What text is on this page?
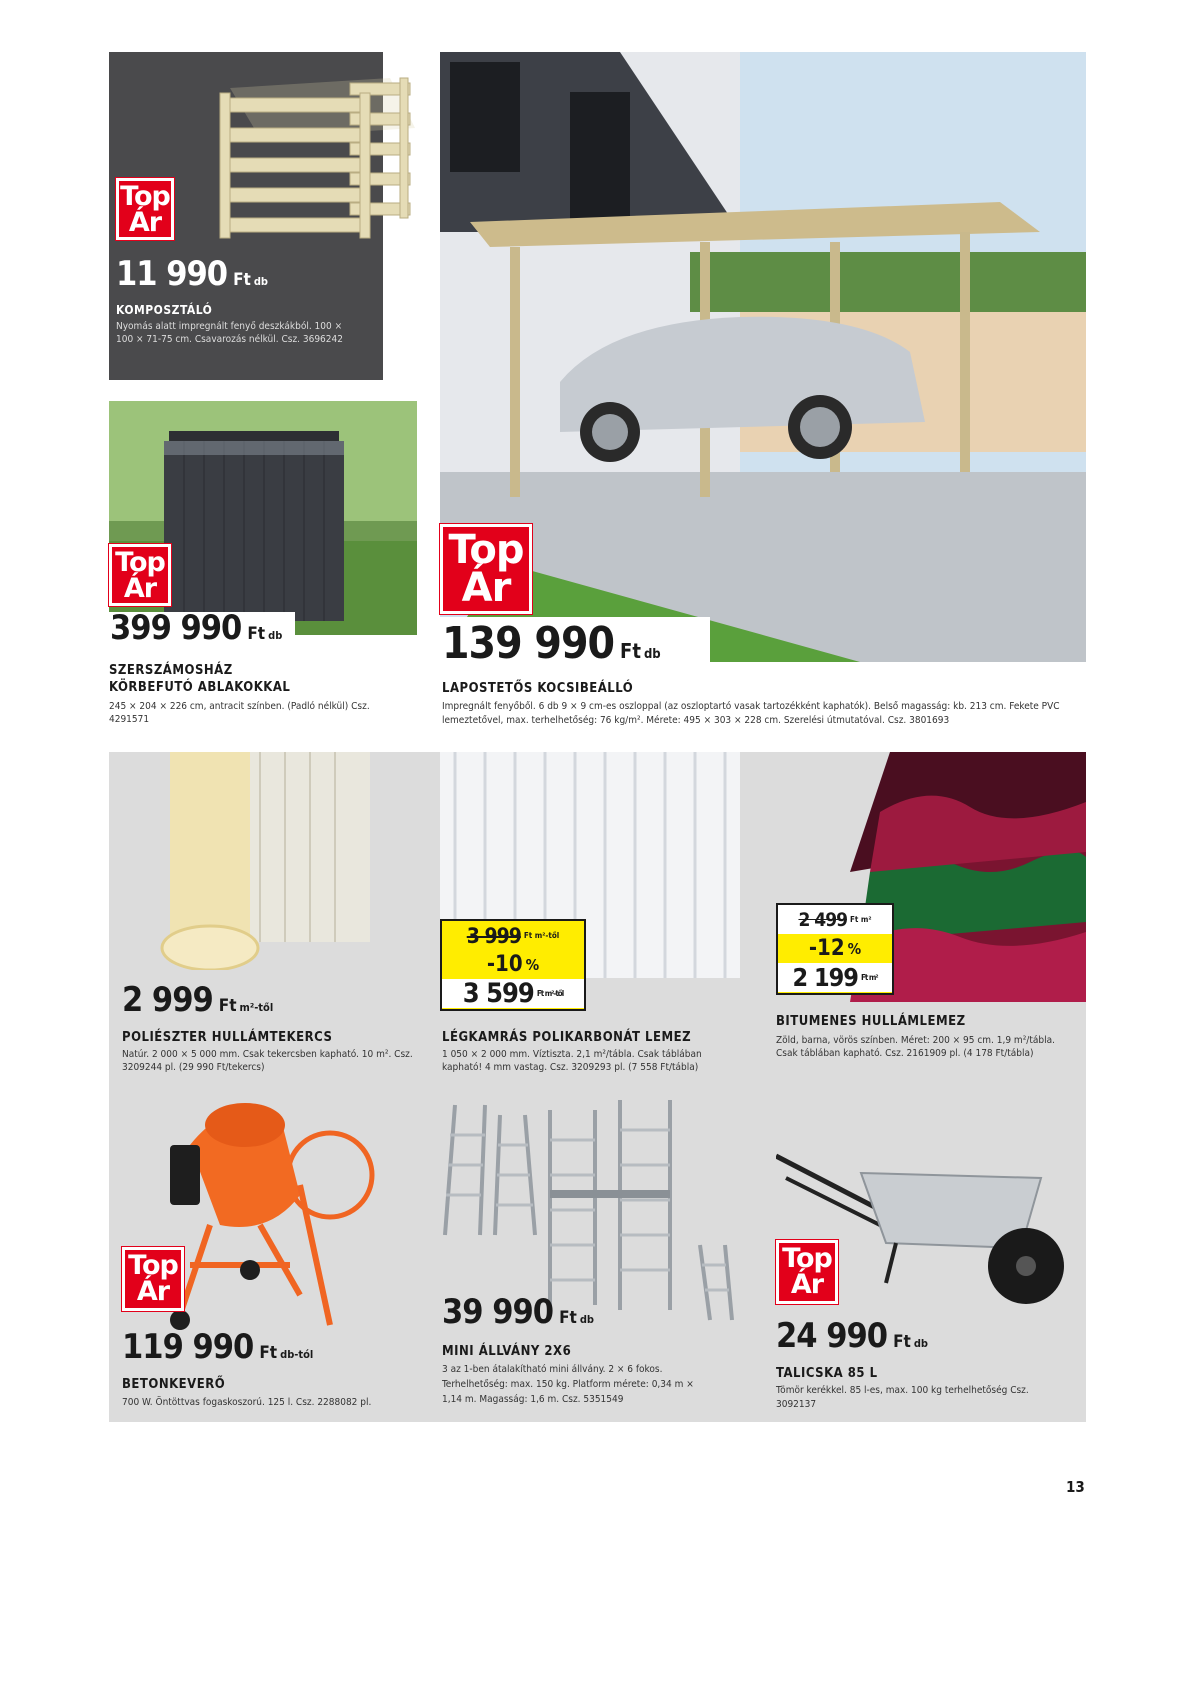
Top
Ár
11 990 Ft db
KOMPOSZTÁLÓ
Nyomás alatt impregnált fenyő deszkákból. 100 × 100 × 71-75 cm. Csavarozás nélkül. Csz. 3696242
Top
Ár
399 990 Ft db
SZERSZÁMOSHÁZ
KÖRBEFUTÓ ABLAKOKKAL
245 × 204 × 226 cm, antracit színben. (Padló nélkül) Csz. 4291571
Top
Ár
139 990 Ft db
LAPOSTETŐS KOCSIBEÁLLÓ
Impregnált fenyőből. 6 db 9 × 9 cm-es oszloppal (az oszloptartó vasak tartozékként kaphatók). Belső magasság: kb. 213 cm. Fekete PVC lemeztetővel, max. terhelhetőség: 76 kg/m². Mérete: 495 × 303 × 228 cm. Szerelési útmutatóval. Csz. 3801693
2 999 Ft m²-től
POLIÉSZTER HULLÁMTEKERCS
Natúr. 2 000 × 5 000 mm. Csak tekercsben kapható. 10 m². Csz. 3209244 pl. (29 990 Ft/tekercs)
3 999 Ft m²-től
-10 %
3 599 Ft m²-től
LÉGKAMRÁS POLIKARBONÁT LEMEZ
1 050 × 2 000 mm. Víztiszta. 2,1 m²/tábla. Csak táblában kapható! 4 mm vastag. Csz. 3209293 pl. (7 558 Ft/tábla)
2 499 Ft m²
-12 %
2 199 Ft m²
BITUMENES HULLÁMLEMEZ
Zöld, barna, vörös színben. Méret: 200 × 95 cm. 1,9 m²/tábla. Csak táblában kapható. Csz. 2161909 pl. (4 178 Ft/tábla)
Top
Ár
119 990 Ft db-tól
BETONKEVERŐ
700 W. Öntöttvas fogaskoszorú. 125 l. Csz. 2288082 pl.
39 990 Ft db
MINI ÁLLVÁNY 2X6
3 az 1-ben átalakítható mini állvány. 2 × 6 fokos. Terhelhetőség: max. 150 kg. Platform mérete: 0,34 m × 1,14 m. Magasság: 1,6 m. Csz. 5351549
Top
Ár
24 990 Ft db
TALICSKA 85 L
Tömör kerékkel. 85 l-es, max. 100 kg terhelhetőség Csz. 3092137
13
